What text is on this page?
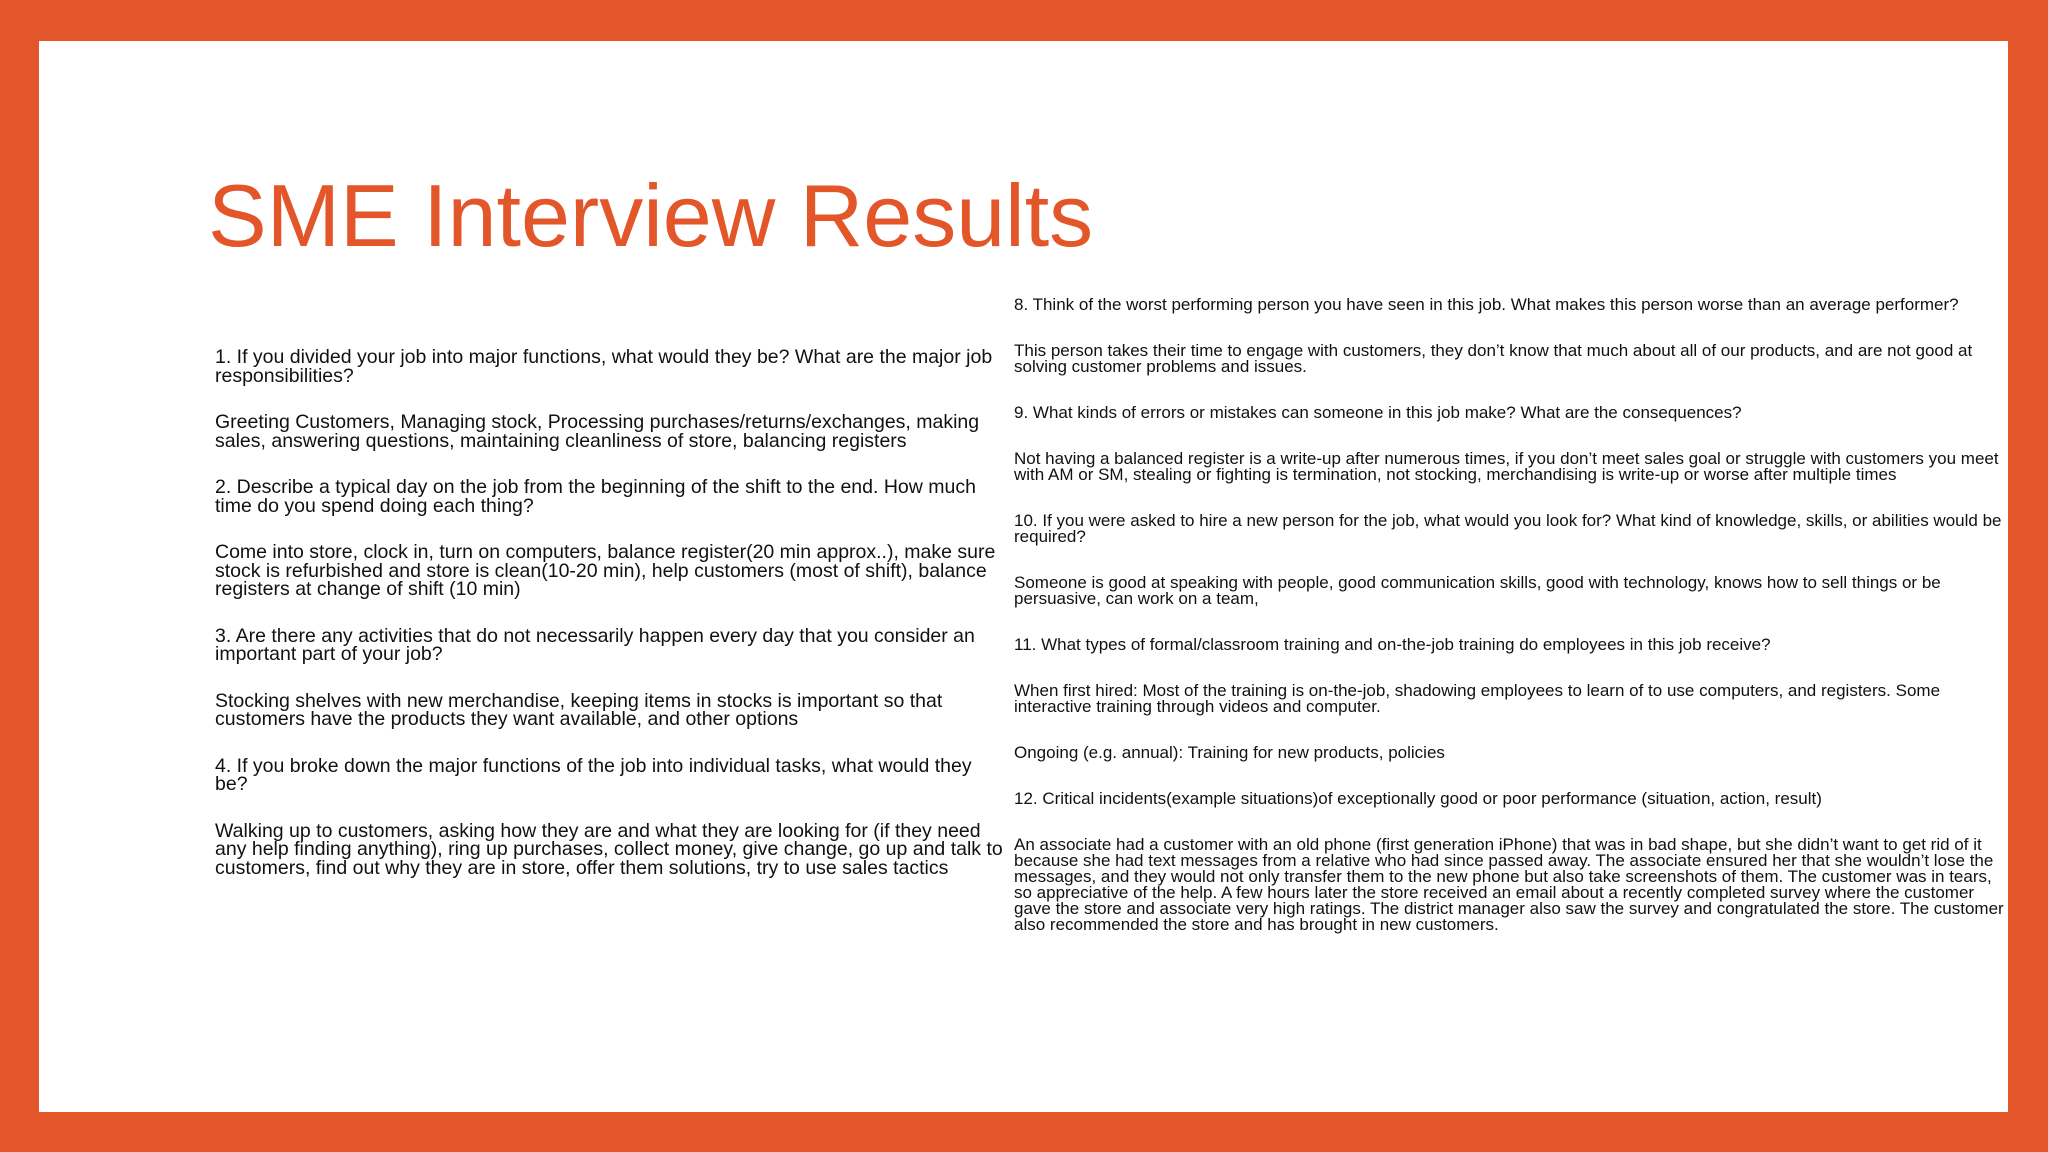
SME Interview Results

1. If you divided your job into major functions, what would they be? What are the major job responsibilities?

Greeting Customers, Managing stock, Processing purchases/returns/exchanges, making sales, answering questions, maintaining cleanliness of store, balancing registers

2. Describe a typical day on the job from the beginning of the shift to the end. How much time do you spend doing each thing?

Come into store, clock in, turn on computers, balance register(20 min approx..), make sure stock is refurbished and store is clean(10-20 min), help customers (most of shift), balance registers at change of shift (10 min)

3. Are there any activities that do not necessarily happen every day that you consider an important part of your job?

Stocking shelves with new merchandise, keeping items in stocks is important so that customers have the products they want available, and other options

4. If you broke down the major functions of the job into individual tasks, what would they be?

Walking up to customers, asking how they are and what they are looking for (if they need any help finding anything), ring up purchases, collect money, give change, go up and talk to customers, find out why they are in store, offer them solutions, try to use sales tactics

8. Think of the worst performing person you have seen in this job. What makes this person worse than an average performer?

This person takes their time to engage with customers, they don’t know that much about all of our products, and are not good at solving customer problems and issues.

9. What kinds of errors or mistakes can someone in this job make? What are the consequences?

Not having a balanced register is a write-up after numerous times, if you don’t meet sales goal or struggle with customers you meet with AM or SM, stealing or fighting is termination, not stocking, merchandising is write-up or worse after multiple times

10. If you were asked to hire a new person for the job, what would you look for? What kind of knowledge, skills, or abilities would be required?

Someone is good at speaking with people, good communication skills, good with technology, knows how to sell things or be persuasive, can work on a team,

11. What types of formal/classroom training and on-the-job training do employees in this job receive?

When first hired: Most of the training is on-the-job, shadowing employees to learn of to use computers, and registers. Some interactive training through videos and computer.

Ongoing (e.g. annual): Training for new products, policies

12. Critical incidents(example situations)of exceptionally good or poor performance (situation, action, result)

An associate had a customer with an old phone (first generation iPhone) that was in bad shape, but she didn’t want to get rid of it because she had text messages from a relative who had since passed away. The associate ensured her that she wouldn’t lose the messages, and they would not only transfer them to the new phone but also take screenshots of them. The customer was in tears, so appreciative of the help. A few hours later the store received an email about a recently completed survey where the customer gave the store and associate very high ratings. The district manager also saw the survey and congratulated the store. The customer also recommended the store and has brought in new customers.
